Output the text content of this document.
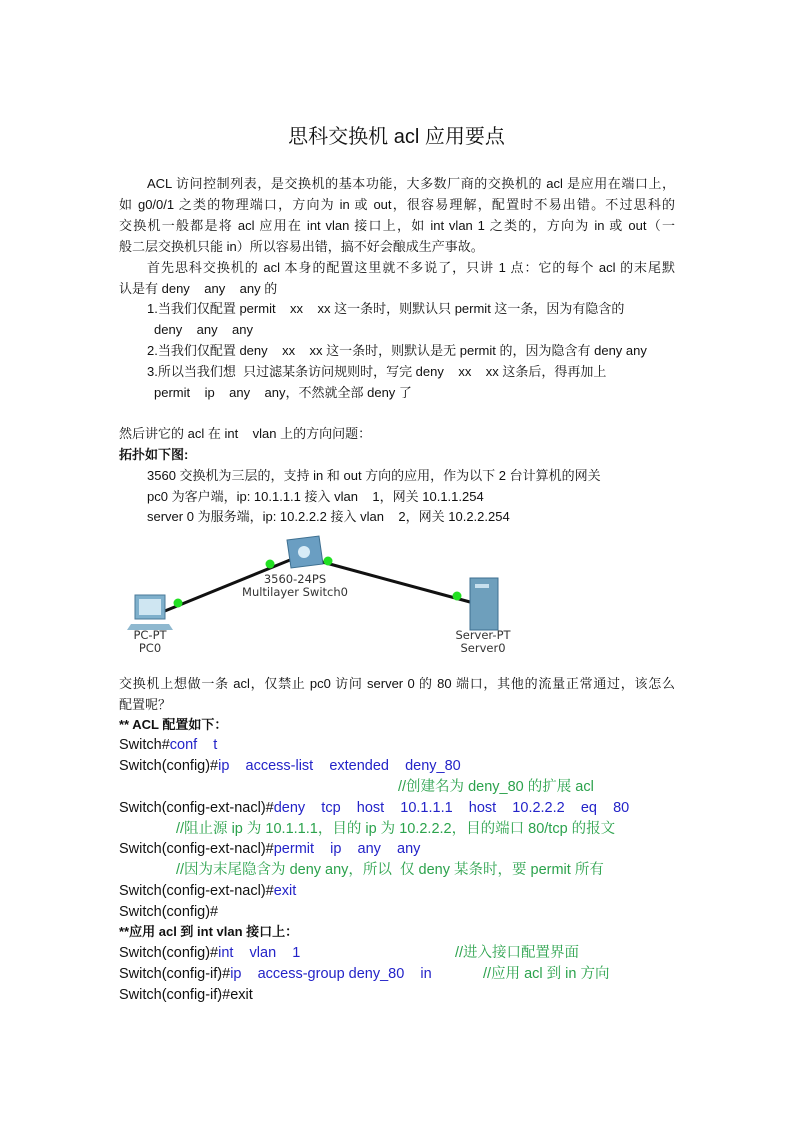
思科交换机 acl 应用要点
ACL 访问控制列表，是交换机的基本功能，大多数厂商的交换机的 acl 是应用在端口上，
如 g0/0/1 之类的物理端口，方向为 in 或 out，很容易理解，配置时不易出错。不过思科的
交换机一般都是将 acl 应用在 int vlan 接口上，如 int vlan 1 之类的，方向为 in 或 out（一
般二层交换机只能 in）所以容易出错，搞不好会酿成生产事故。
首先思科交换机的 acl 本身的配置这里就不多说了，只讲 1 点：它的每个 acl 的末尾默
认是有 deny    any    any 的
1.当我们仅配置 permit    xx    xx 这一条时，则默认只 permit 这一条，因为有隐含的
deny    any    any
2.当我们仅配置 deny    xx    xx 这一条时，则默认是无 permit 的，因为隐含有 deny any
3.所以当我们想  只过滤某条访问规则时，写完 deny    xx    xx 这条后，得再加上
permit    ip    any    any，不然就全部 deny 了
然后讲它的 acl 在 int    vlan 上的方向问题：
拓扑如下图:
3560 交换机为三层的，支持 in 和 out 方向的应用，作为以下 2 台计算机的网关
pc0 为客户端，ip: 10.1.1.1 接入 vlan    1，网关 10.1.1.254
server 0 为服务端，ip: 10.2.2.2 接入 vlan    2，网关 10.2.2.254
交换机上想做一条 acl，仅禁止 pc0 访问 server 0 的 80 端口，其他的流量正常通过，该怎么
配置呢？
** ACL 配置如下：
Switch#conf    t
Switch(config)#ip    access-list    extended    deny_80
//创建名为 deny_80 的扩展 acl
Switch(config-ext-nacl)#deny    tcp    host    10.1.1.1    host    10.2.2.2    eq    80
//阻止源 ip 为 10.1.1.1，目的 ip 为 10.2.2.2，目的端口 80/tcp 的报文
Switch(config-ext-nacl)#permit    ip    any    any
//因为末尾隐含为 deny any，所以  仅 deny 某条时，要 permit 所有
Switch(config-ext-nacl)#exit
Switch(config)#
**应用 acl 到 int vlan 接口上：
Switch(config)#int    vlan    1	//进入接口配置界面
Switch(config-if)#ip    access-group deny_80    in	//应用 acl 到 in 方向
Switch(config-if)#exit
3560-24PS
Multilayer Switch0
PC-PT
PC0
Server-PT
Server0
